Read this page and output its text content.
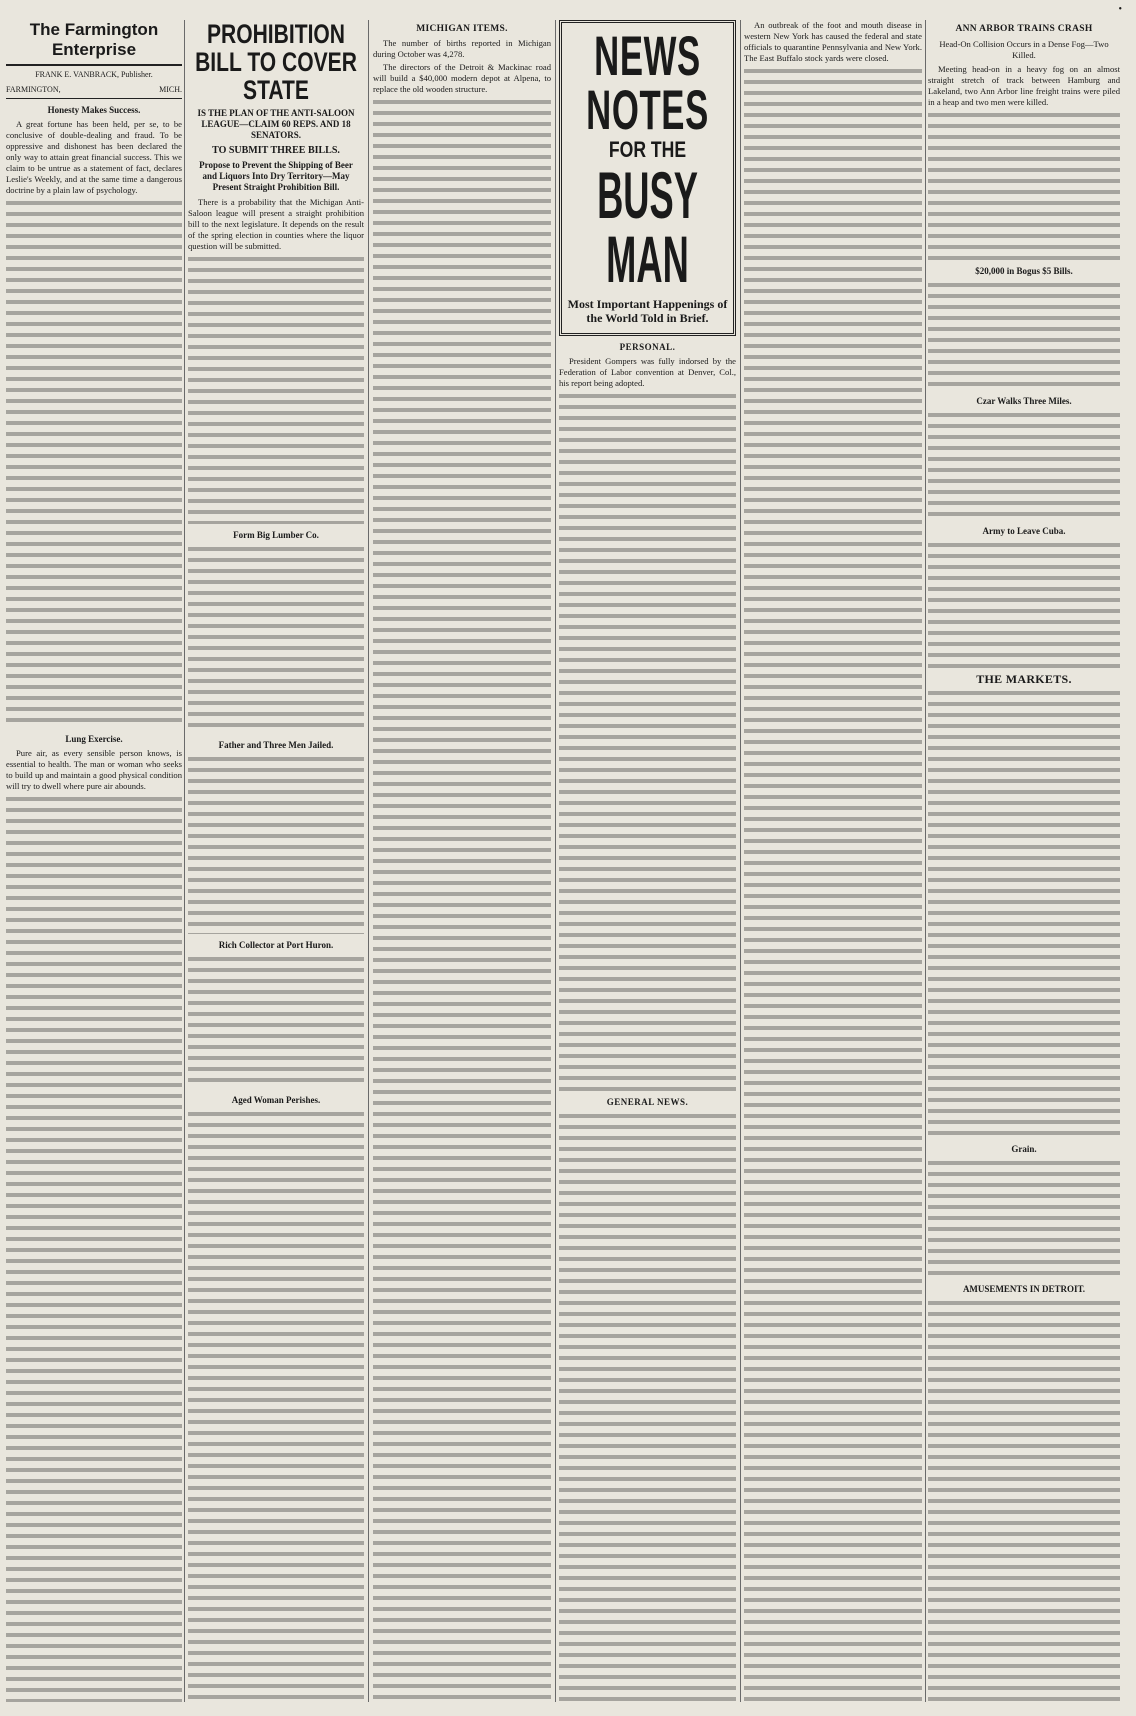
•
The Farmington Enterprise
FRANK E. VANBRACK, Publisher.
FARMINGTON,	MICH.
Honesty Makes Success.

A great fortune has been held, per se, to be conclusive of double-dealing and fraud. To be oppressive and dishonest has been declared the only way to attain great financial success. This we claim to be untrue as a statement of fact, declares Leslie's Weekly, and at the same time a dangerous doctrine by a plain law of psychology.

Lung Exercise.

Pure air, as every sensible person knows, is essential to health. The man or woman who seeks to build up and maintain a good physical condition will try to dwell where pure air abounds.

PROHIBITION BILL TO COVER STATE
IS THE PLAN OF THE ANTI-SALOON LEAGUE—CLAIM 60 REPS. AND 18 SENATORS.
TO SUBMIT THREE BILLS.
Propose to Prevent the Shipping of Beer and Liquors Into Dry Territory—May Present Straight Prohibition Bill.

There is a probability that the Michigan Anti-Saloon league will present a straight prohibition bill to the next legislature. It depends on the result of the spring election in counties where the liquor question will be submitted.

Form Big Lumber Co.
Father and Three Men Jailed.
Rich Collector at Port Huron.
Aged Woman Perishes.
MICHIGAN ITEMS.

The number of births reported in Michigan during October was 4,278.

The directors of the Detroit & Mackinac road will build a $40,000 modern depot at Alpena, to replace the old wooden structure.

NEWS NOTES
FOR THE
BUSY MAN
Most Important Happenings of the World Told in Brief.
PERSONAL.

President Gompers was fully indorsed by the Federation of Labor convention at Denver, Col., his report being adopted.

GENERAL NEWS.

An outbreak of the foot and mouth disease in western New York has caused the federal and state officials to quarantine Pennsylvania and New York. The East Buffalo stock yards were closed.

ANN ARBOR TRAINS CRASH
Head-On Collision Occurs in a Dense Fog—Two Killed.

Meeting head-on in a heavy fog on an almost straight stretch of track between Hamburg and Lakeland, two Ann Arbor line freight trains were piled in a heap and two men were killed.

$20,000 in Bogus $5 Bills.
Czar Walks Three Miles.
Army to Leave Cuba.
THE MARKETS.
Grain.
AMUSEMENTS IN DETROIT.
